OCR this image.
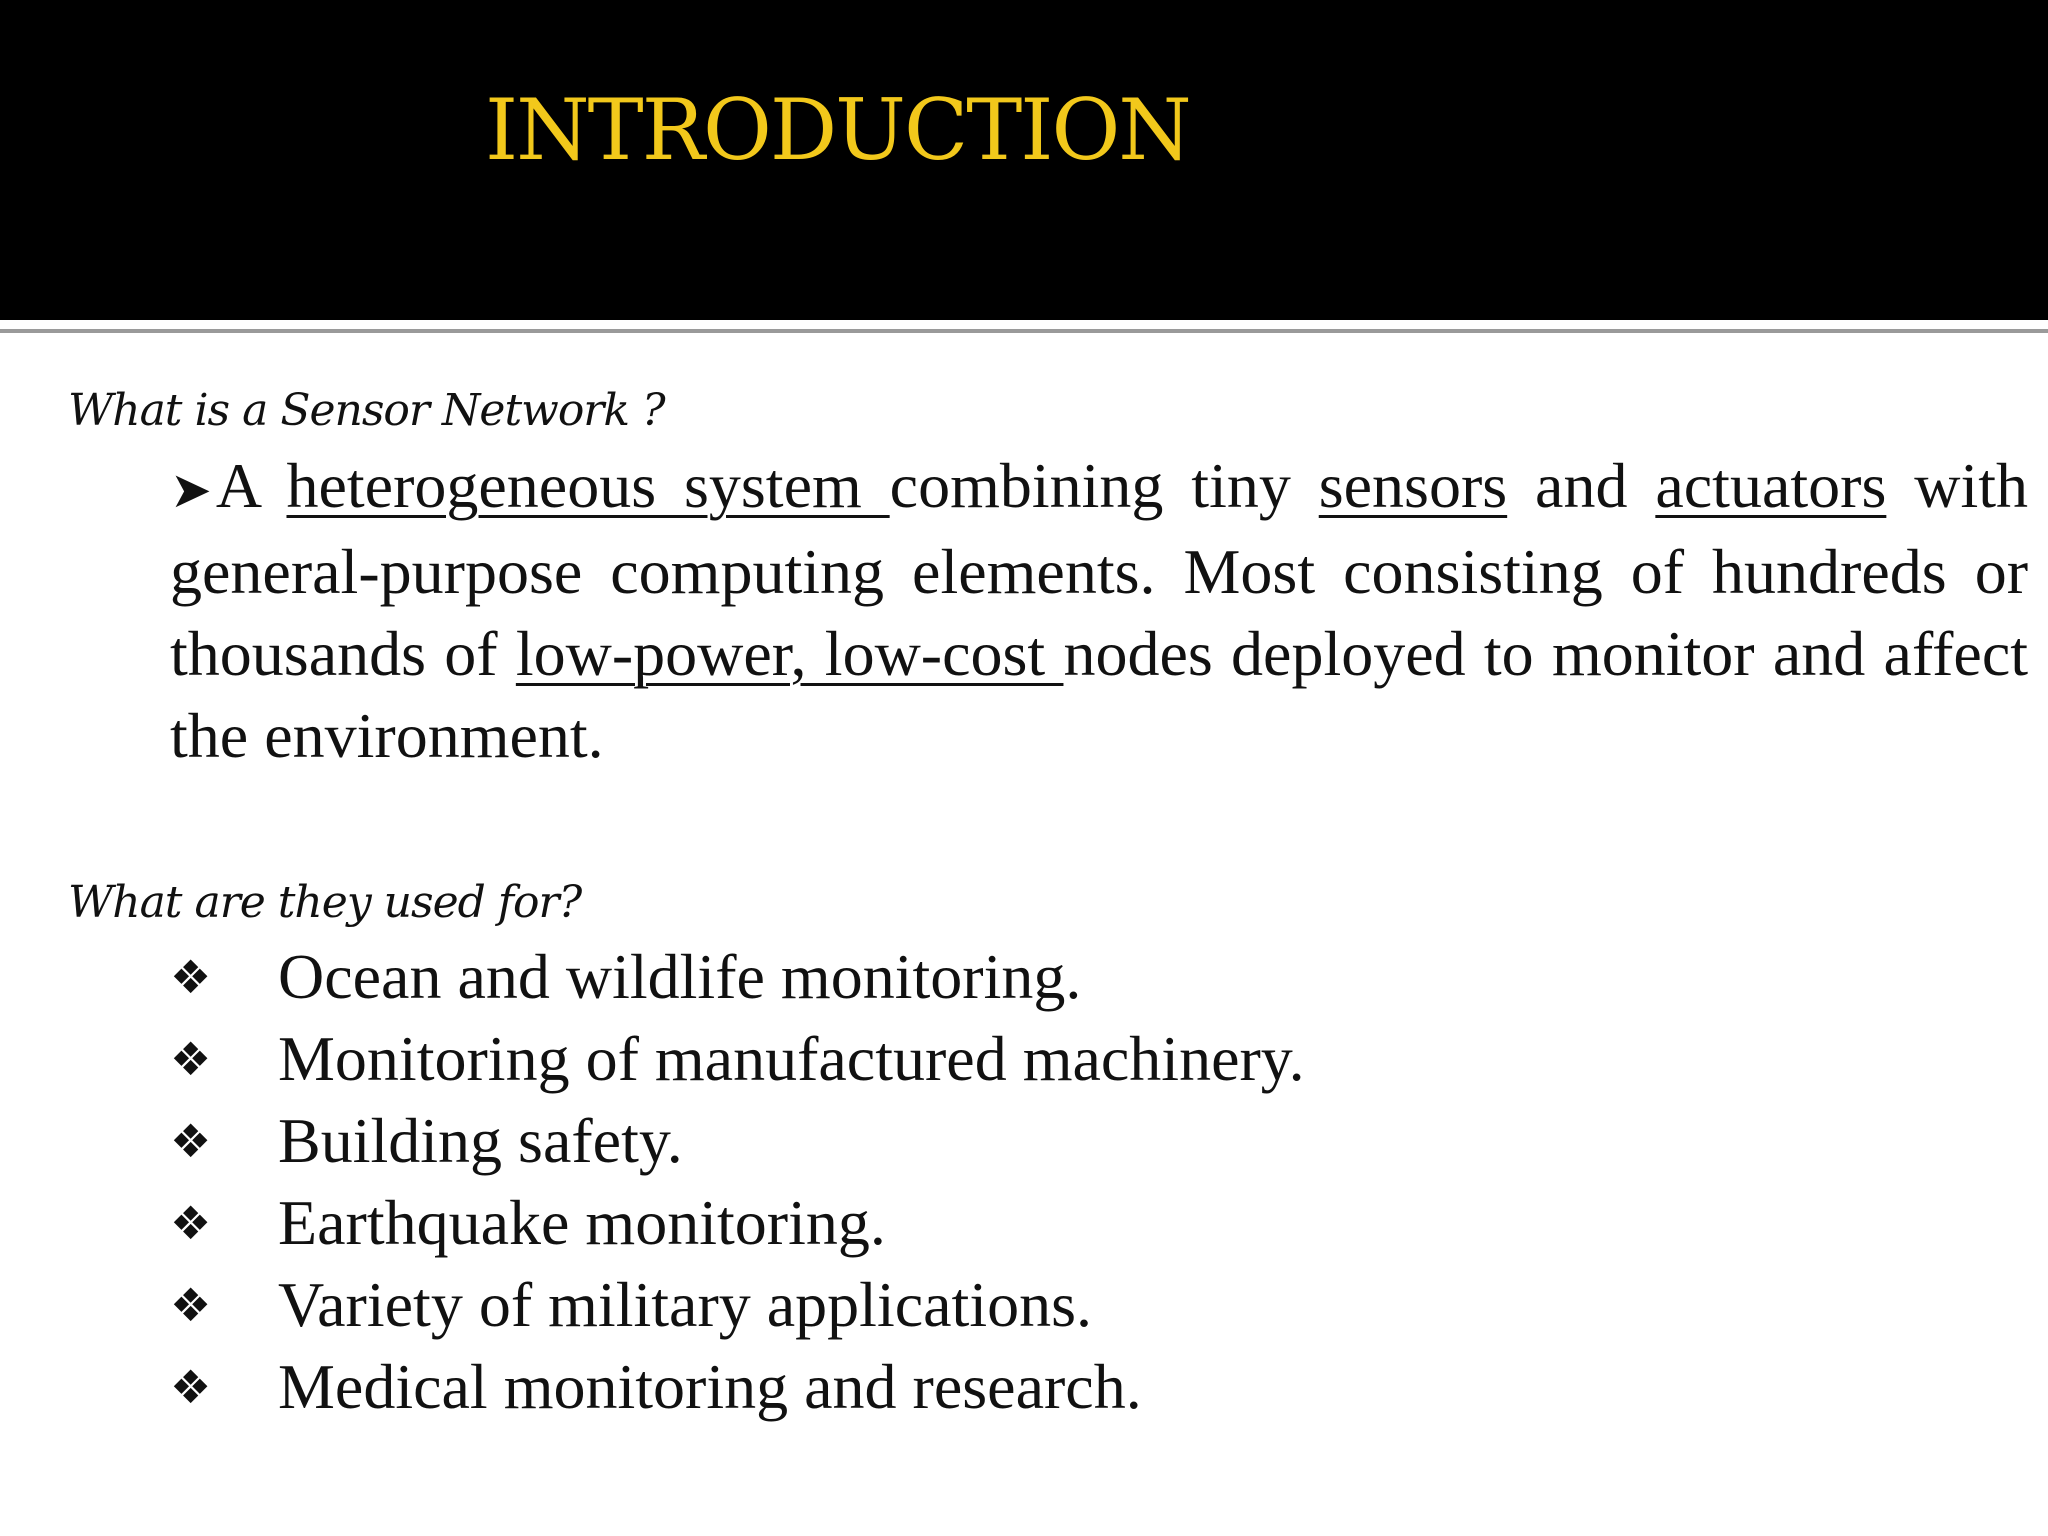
INTRODUCTION
What is a Sensor Network ?

➤A heterogeneous system combining tiny sensors and actuators with general-purpose computing elements. Most consisting of hundreds or thousands of low-power, low-cost nodes deployed to monitor and affect the environment.

What are they used for?
❖	Ocean and wildlife monitoring.
❖	Monitoring of manufactured machinery.
❖	Building safety.
❖	Earthquake monitoring.
❖	Variety of military applications.
❖	Medical monitoring and research.
